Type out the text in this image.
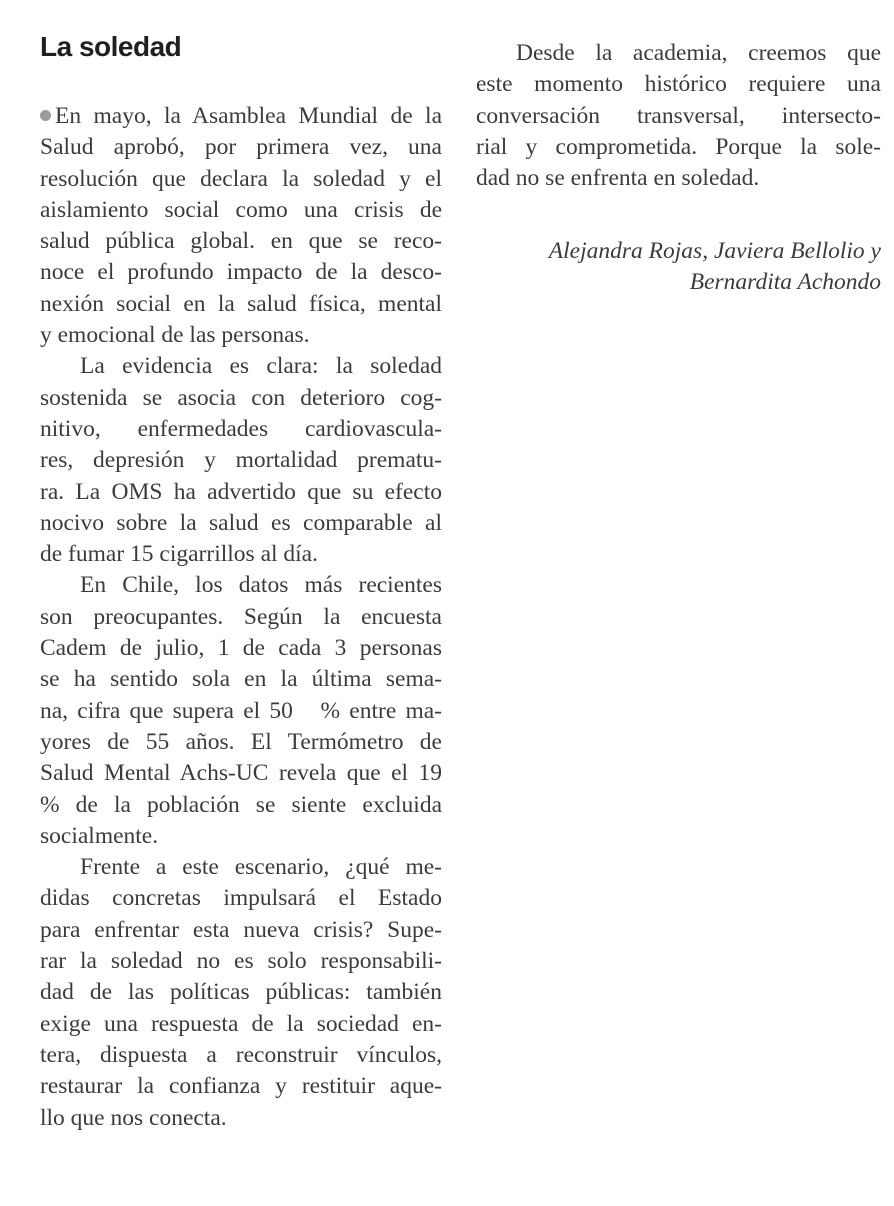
La soledad
En mayo, la Asamblea Mundial de la
Salud aprobó, por primera vez, una
resolución que declara la soledad y el
aislamiento social como una crisis de
salud pública global. en que se reco-
noce el profundo impacto de la desco-
nexión social en la salud física, mental
y emocional de las personas.
La evidencia es clara: la soledad
sostenida se asocia con deterioro cog-
nitivo, enfermedades cardiovascula-
res, depresión y mortalidad prematu-
ra. La OMS ha advertido que su efecto
nocivo sobre la salud es comparable al
de fumar 15 cigarrillos al día.
En Chile, los datos más recientes
son preocupantes. Según la encuesta
Cadem de julio, 1 de cada 3 personas
se ha sentido sola en la última sema-
na, cifra que supera el 50   % entre ma-
yores de 55 años. El Termómetro de
Salud Mental Achs-UC revela que el 19
% de la población se siente excluida
socialmente.
Frente a este escenario, ¿qué me-
didas concretas impulsará el Estado
para enfrentar esta nueva crisis? Supe-
rar la soledad no es solo responsabili-
dad de las políticas públicas: también
exige una respuesta de la sociedad en-
tera, dispuesta a reconstruir vínculos,
restaurar la confianza y restituir aque-
llo que nos conecta.
Desde la academia, creemos que
este momento histórico requiere una
conversación transversal, intersecto-
rial y comprometida. Porque la sole-
dad no se enfrenta en soledad.
Alejandra Rojas, Javiera Bellolio y
Bernardita Achondo
